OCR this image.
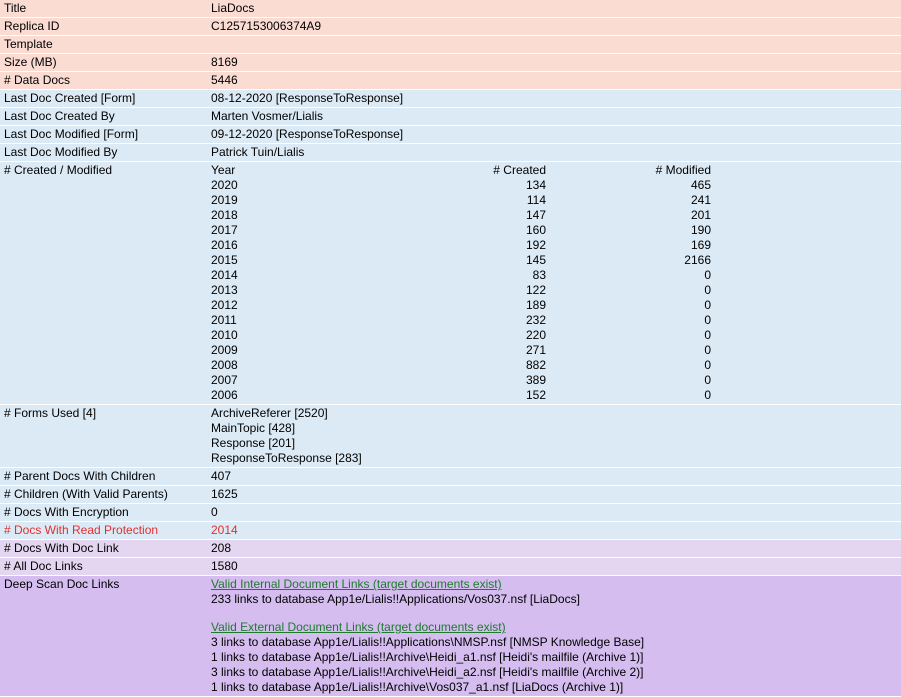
Title	LiaDocs
Replica ID	C1257153006374A9
Template	
Size (MB)	8169
# Data Docs	5446
Last Doc Created [Form]	08-12-2020 [ResponseToResponse]
Last Doc Created By	Marten Vosmer/Lialis
Last Doc Modified [Form]	09-12-2020 [ResponseToResponse]
Last Doc Modified By	Patrick Tuin/Lialis
# Created / Modified		Year	# Created	# Modified
2020	134	465
2019	114	241
2018	147	201
2017	160	190
2016	192	169
2015	145	2166
2014	83	0
2013	122	0
2012	189	0
2011	232	0
2010	220	0
2009	271	0
2008	882	0
2007	389	0
2006	152	0

# Forms Used [4]	ArchiveReferer [2520]
MainTopic [428]
Response [201]
ResponseToResponse [283]

# Parent Docs With Children	407
# Children (With Valid Parents)	1625
# Docs With Encryption	0
# Docs With Read Protection	2014
# Docs With Doc Link	208
# All Doc Links	1580
Deep Scan Doc Links	Valid Internal Document Links (target documents exist)
233 links to database App1e/Lialis!!Applications/Vos037.nsf [LiaDocs]

Valid External Document Links (target documents exist)
3 links to database App1e/Lialis!!Applications\NMSP.nsf [NMSP Knowledge Base]
1 links to database App1e/Lialis!!Archive\Heidi_a1.nsf [Heidi's mailfile (Archive 1)]
3 links to database App1e/Lialis!!Archive\Heidi_a2.nsf [Heidi's mailfile (Archive 2)]
1 links to database App1e/Lialis!!Archive\Vos037_a1.nsf [LiaDocs (Archive 1)]
